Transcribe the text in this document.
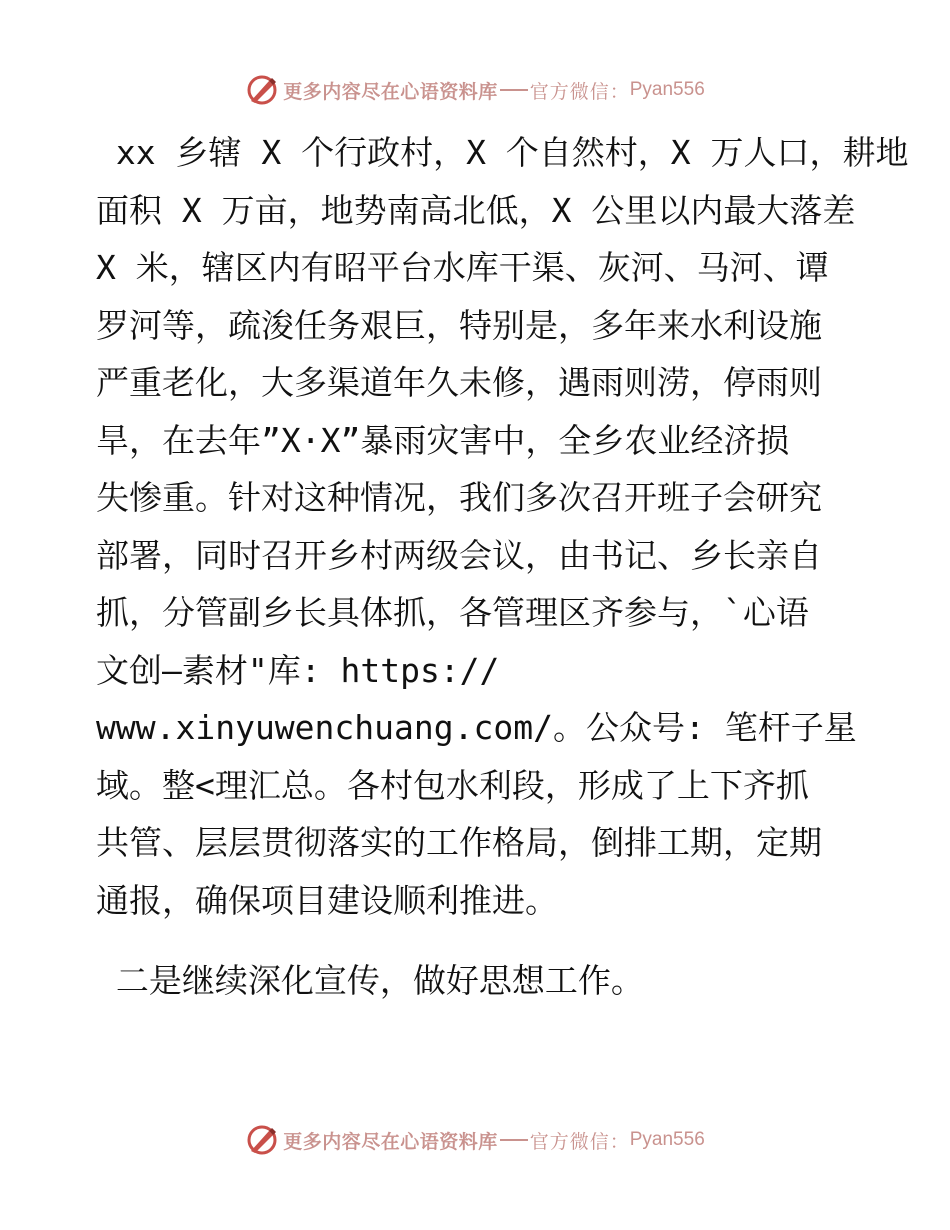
更多内容尽在心语资料库 官方微信： Pyan556
xx 乡辖 X 个行政村，X 个自然村，X 万人口，耕地
面积 X 万亩，地势南高北低，X 公里以内最大落差
X 米，辖区内有昭平台水库干渠、灰河、马河、谭
罗河等，疏浚任务艰巨，特别是，多年来水利设施
严重老化，大多渠道年久未修，遇雨则涝，停雨则
旱，在去年”X·X”暴雨灾害中，全乡农业经济损
失惨重。针对这种情况，我们多次召开班子会研究
部署，同时召开乡村两级会议，由书记、乡长亲自
抓，分管副乡长具体抓，各管理区齐参与，`心语
文创—素材"库: https://
www.xinyuwenchuang.com/。公众号: 笔杆子星
域。整<理汇总。各村包水利段，形成了上下齐抓
共管、层层贯彻落实的工作格局，倒排工期，定期
通报，确保项目建设顺利推进。
二是继续深化宣传，做好思想工作。
更多内容尽在心语资料库 官方微信： Pyan556
